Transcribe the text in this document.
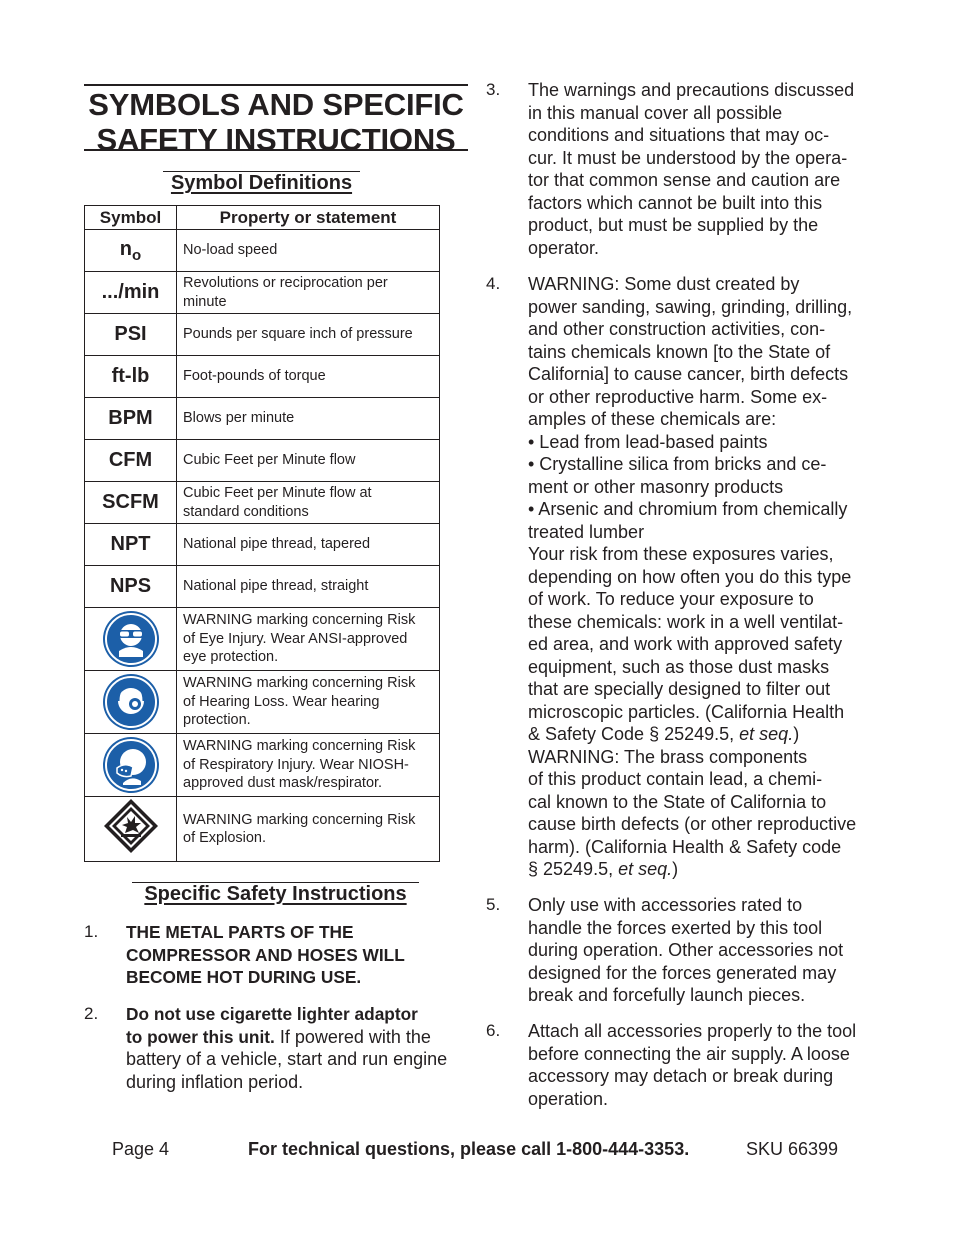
SYMBOLS AND SPECIFIC
SAFETY INSTRUCTIONS
Symbol Definitions
Symbol	Property or statement
$n_o$	No-load speed

.../min	Revolutions or reciprocation per
minute

PSI	Pounds per square inch of pressure

ft-lb	Foot-pounds of torque

BPM	Blows per minute

CFM	Cubic Feet per Minute flow

SCFM	Cubic Feet per Minute flow at
standard conditions

NPT	National pipe thread, tapered

NPS	National pipe thread, straight

WARNING marking concerning Risk
of Eye Injury. Wear ANSI-approved
eye protection.

WARNING marking concerning Risk
of Hearing Loss. Wear hearing
protection.

WARNING marking concerning Risk
of Respiratory Injury. Wear NIOSH-
approved dust mask/respirator.

WARNING marking concerning Risk
of Explosion.
Specific Safety Instructions
1. THE METAL PARTS OF THE
COMPRESSOR AND HOSES WILL
BECOME HOT DURING USE.
2. Do not use cigarette lighter adaptor
to power this unit. If powered with the
battery of a vehicle, start and run engine
during inflation period.
3. The warnings and precautions discussed
in this manual cover all possible
conditions and situations that may oc-
cur. It must be understood by the opera-
tor that common sense and caution are
factors which cannot be built into this
product, but must be supplied by the
operator.
4. WARNING: Some dust created by
power sanding, sawing, grinding, drilling,
and other construction activities, con-
tains chemicals known [to the State of
California] to cause cancer, birth defects
or other reproductive harm. Some ex-
amples of these chemicals are:
• Lead from lead-based paints
• Crystalline silica from bricks and ce-
ment or other masonry products
• Arsenic and chromium from chemically
treated lumber
Your risk from these exposures varies,
depending on how often you do this type
of work. To reduce your exposure to
these chemicals: work in a well ventilat-
ed area, and work with approved safety
equipment, such as those dust masks
that are specially designed to filter out
microscopic particles. (California Health
& Safety Code § 25249.5, et seq.)
WARNING: The brass components
of this product contain lead, a chemi-
cal known to the State of California to
cause birth defects (or other reproductive
harm). (California Health & Safety code
§ 25249.5, et seq.)
5. Only use with accessories rated to
handle the forces exerted by this tool
during operation. Other accessories not
designed for the forces generated may
break and forcefully launch pieces.
6. Attach all accessories properly to the tool
before connecting the air supply. A loose
accessory may detach or break during
operation.
Page 4	For technical questions, please call 1-800-444-3353.	SKU 66399
